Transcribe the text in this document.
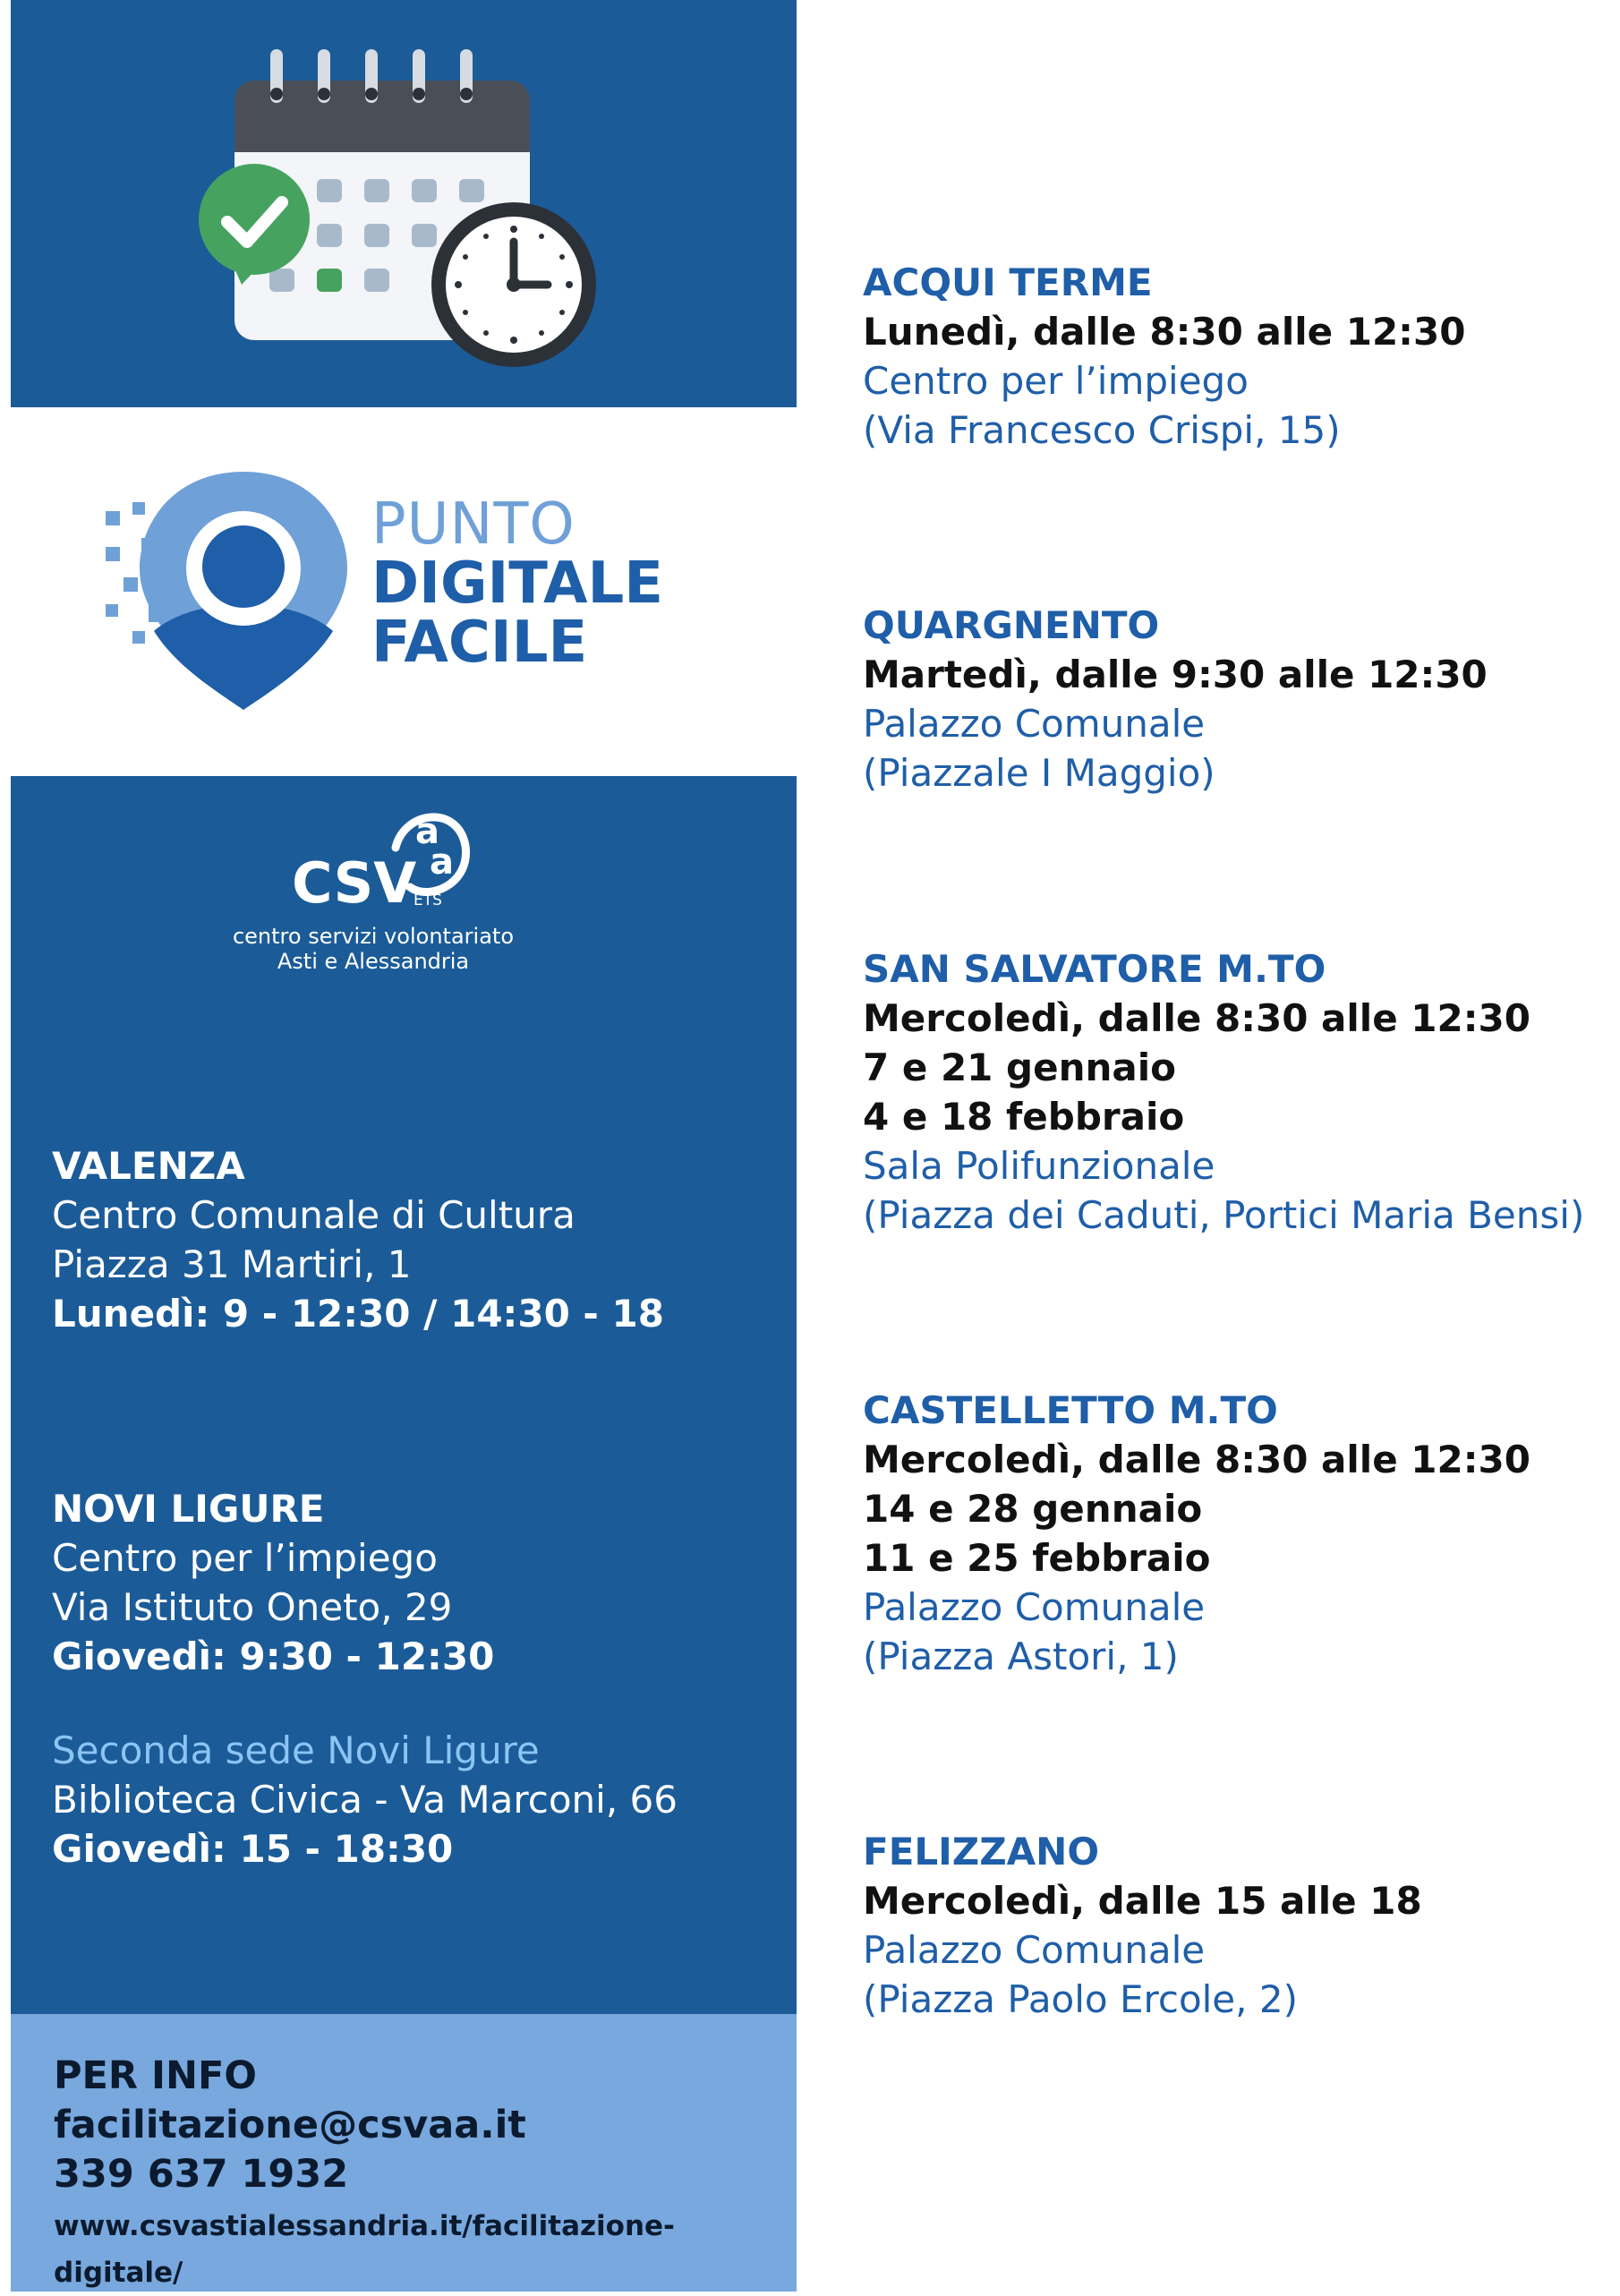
PUNTO
DIGITALE
FACILE
CSV
a
a
ETS
centro servizi volontariato
Asti e Alessandria
VALENZA
Centro Comunale di Cultura
Piazza 31 Martiri, 1
Lunedì: 9 - 12:30 / 14:30 - 18
NOVI LIGURE
Centro per l’impiego
Via Istituto Oneto, 29
Giovedì: 9:30 - 12:30
Seconda sede Novi Ligure
Biblioteca Civica - Va Marconi, 66
Giovedì: 15 - 18:30
PER INFO
facilitazione@csvaa.it
339 637 1932
www.csvastialessandria.it/facilitazione-digitale/
ACQUI TERME
Lunedì, dalle 8:30 alle 12:30
Centro per l’impiego
(Via Francesco Crispi, 15)
QUARGNENTO
Martedì, dalle 9:30 alle 12:30
Palazzo Comunale
(Piazzale I Maggio)
SAN SALVATORE M.TO
Mercoledì, dalle 8:30 alle 12:30
7 e 21 gennaio
4 e 18 febbraio
Sala Polifunzionale
(Piazza dei Caduti, Portici Maria Bensi)
CASTELLETTO M.TO
Mercoledì, dalle 8:30 alle 12:30
14 e 28 gennaio
11 e 25 febbraio
Palazzo Comunale
(Piazza Astori, 1)
FELIZZANO
Mercoledì, dalle 15 alle 18
Palazzo Comunale
(Piazza Paolo Ercole, 2)
